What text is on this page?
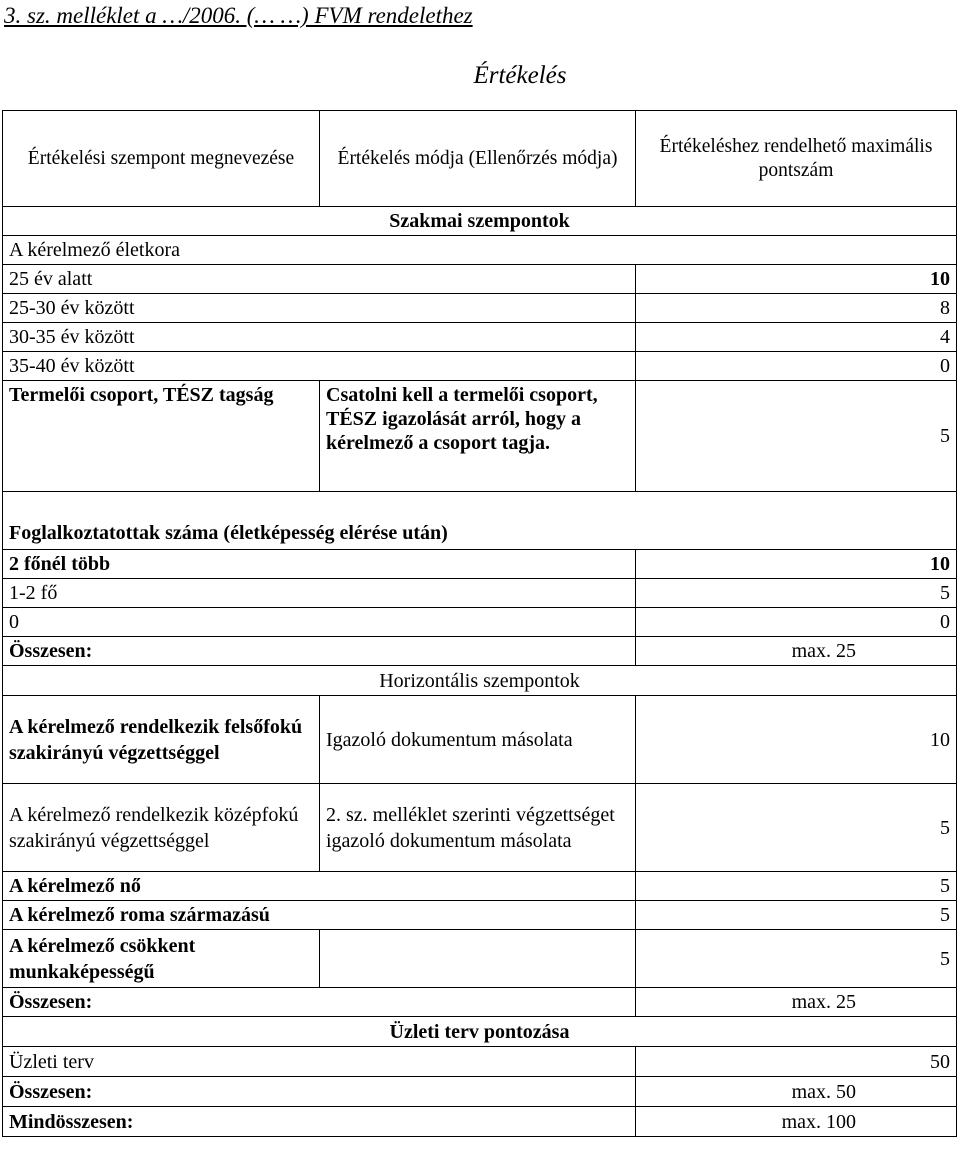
3. sz. melléklet a …/2006. (… …) FVM rendelethez
Értékelés
Értékelési szempont megnevezése	Értékelés módja (Ellenőrzés módja)	Értékeléshez rendelhető maximális pontszám
Szakmai szempontok		
A kérelmező életkora		
25 év alatt		10
25-30 év között		8
30-35 év között		4
35-40 év között		0
Termelői csoport, TÉSZ tagság	Csatolni kell a termelői csoport, TÉSZ igazolását arról, hogy a kérelmező a csoport tagja.	5
Foglalkoztatottak száma (életképesség elérése után)		
2 főnél több		10
1-2 fő		5
0		0
Összesen:		max. 25
Horizontális szempontok		
A kérelmező rendelkezik felsőfokú szakirányú végzettséggel	Igazoló dokumentum másolata	10
A kérelmező rendelkezik középfokú szakirányú végzettséggel	2. sz. melléklet szerinti végzettséget igazoló dokumentum másolata	5
A kérelmező nő		5
A kérelmező roma származású		5
A kérelmező csökkent munkaképességű		5
Összesen:		max. 25
Üzleti terv pontozása		
Üzleti terv		50
Összesen:		max. 50
Mindösszesen:		max. 100
